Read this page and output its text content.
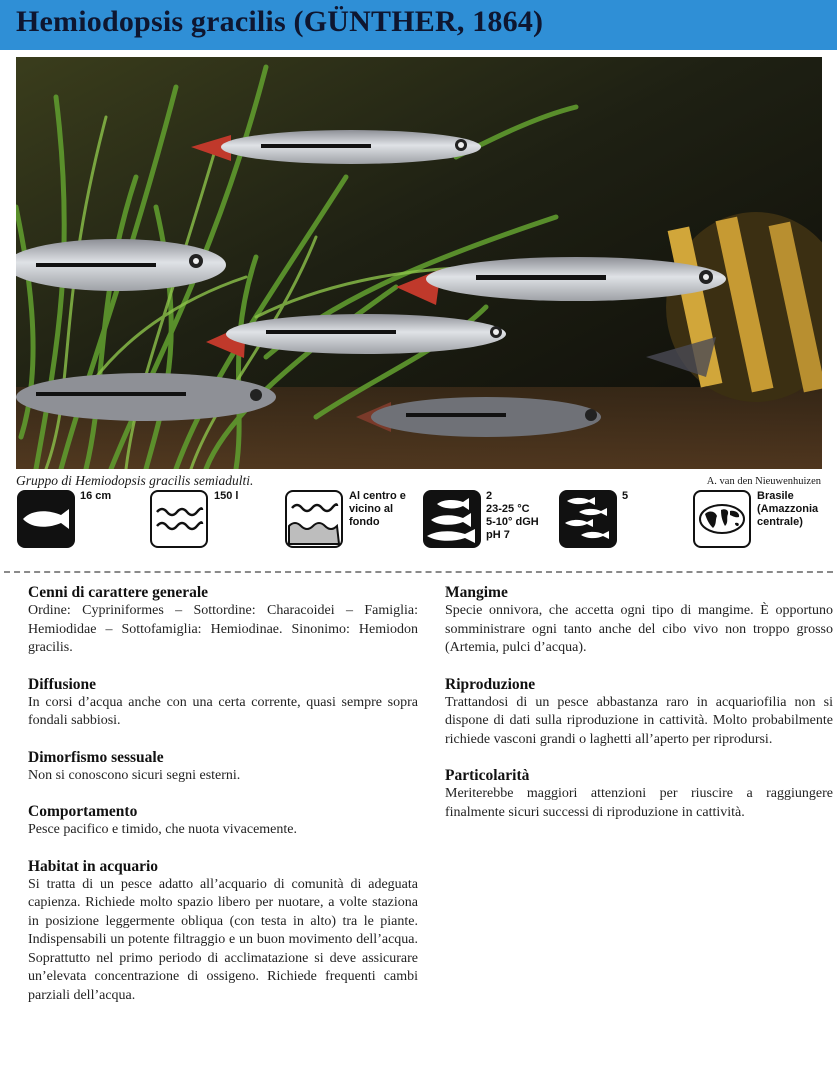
Hemiodopsis gracilis (GÜNTHER, 1864)
Gruppo di Hemiodopsis gracilis semiadulti.	A. van den Nieuwenhuizen
16 cm	150 l	Al centro e
vicino al
fondo
2
23-25 °C
5-10° dGH
pH 7
5	Brasile
(Amazzonia
centrale)
Cenni di carattere generale

Ordine: Cypriniformes – Sottordine: Characoidei – Famiglia: Hemiodidae – Sottofamiglia: Hemiodinae. Sinonimo: Hemiodon gracilis.

Diffusione

In corsi d’acqua anche con una certa corrente, quasi sempre sopra fondali sabbiosi.

Dimorfismo sessuale

Non si conoscono sicuri segni esterni.

Comportamento

Pesce pacifico e timido, che nuota vivacemente.

Habitat in acquario

Si tratta di un pesce adatto all’acquario di comunità di adeguata capienza. Richiede molto spazio libero per nuotare, a volte staziona in posizione leggermente obliqua (con testa in alto) tra le piante. Indispensabili un potente filtraggio e un buon movimento dell’acqua. Soprattutto nel primo periodo di acclimatazione si deve assicurare un’elevata concentrazione di ossigeno. Richiede frequenti cambi parziali dell’acqua.

Mangime

Specie onnivora, che accetta ogni tipo di mangime. È opportuno somministrare ogni tanto anche del cibo vivo non troppo grosso (Artemia, pulci d’acqua).

Riproduzione

Trattandosi di un pesce abbastanza raro in acquariofilia non si dispone di dati sulla riproduzione in cattività. Molto probabilmente richiede vasconi grandi o laghetti all’aperto per riprodursi.

Particolarità

Meriterebbe maggiori attenzioni per riuscire a raggiungere finalmente sicuri successi di riproduzione in cattività.
